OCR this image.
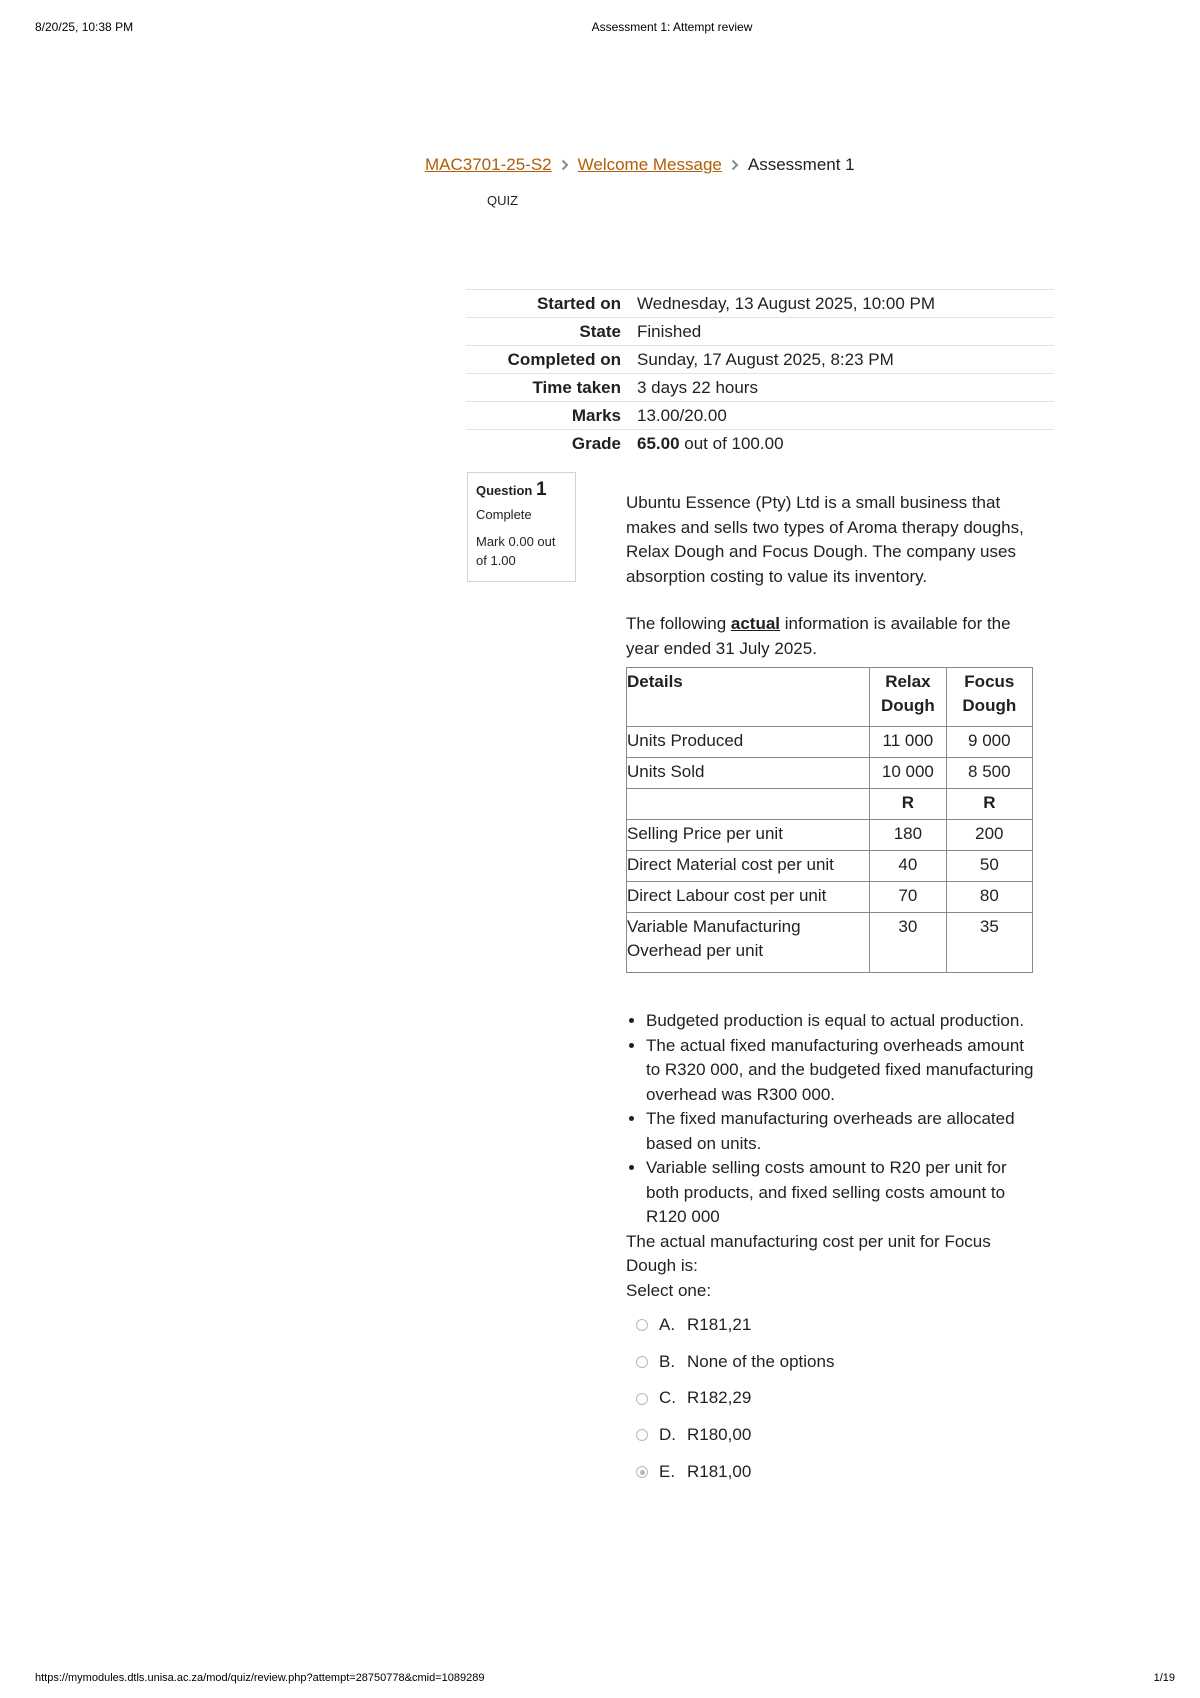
8/20/25, 10:38 PM	Assessment 1: Attempt review
MAC3701-25-S2 Welcome Message Assessment 1
QUIZ
Started on	Wednesday, 13 August 2025, 10:00 PM
State	Finished
Completed on	Sunday, 17 August 2025, 8:23 PM
Time taken	3 days 22 hours
Marks	13.00/20.00
Grade	65.00 out of 100.00
Question 1
Complete
Mark 0.00 out of 1.00

Ubuntu Essence (Pty) Ltd is a small business that makes and sells two types of Aroma therapy doughs, Relax Dough and Focus Dough. The company uses absorption costing to value its inventory.

The following actual information is available for the year ended 31 July 2025.

Details	Relax Dough	Focus Dough
Units Produced	11 000	9 000
Units Sold	10 000	8 500
	R	R
Selling Price per unit	180	200
Direct Material cost per unit	40	50
Direct Labour cost per unit	70	80
Variable Manufacturing Overhead per unit	30	35
• Budgeted production is equal to actual production.
• The actual fixed manufacturing overheads amount to R320 000, and the budgeted fixed manufacturing overhead was R300 000.
• The fixed manufacturing overheads are allocated based on units.
• Variable selling costs amount to R20 per unit for both products, and fixed selling costs amount to R120 000

The actual manufacturing cost per unit for Focus Dough is:

Select one:

A. R181,21
B. None of the options
C. R182,29
D. R180,00
E. R181,00
https://mymodules.dtls.unisa.ac.za/mod/quiz/review.php?attempt=28750778&cmid=1089289	1/19
